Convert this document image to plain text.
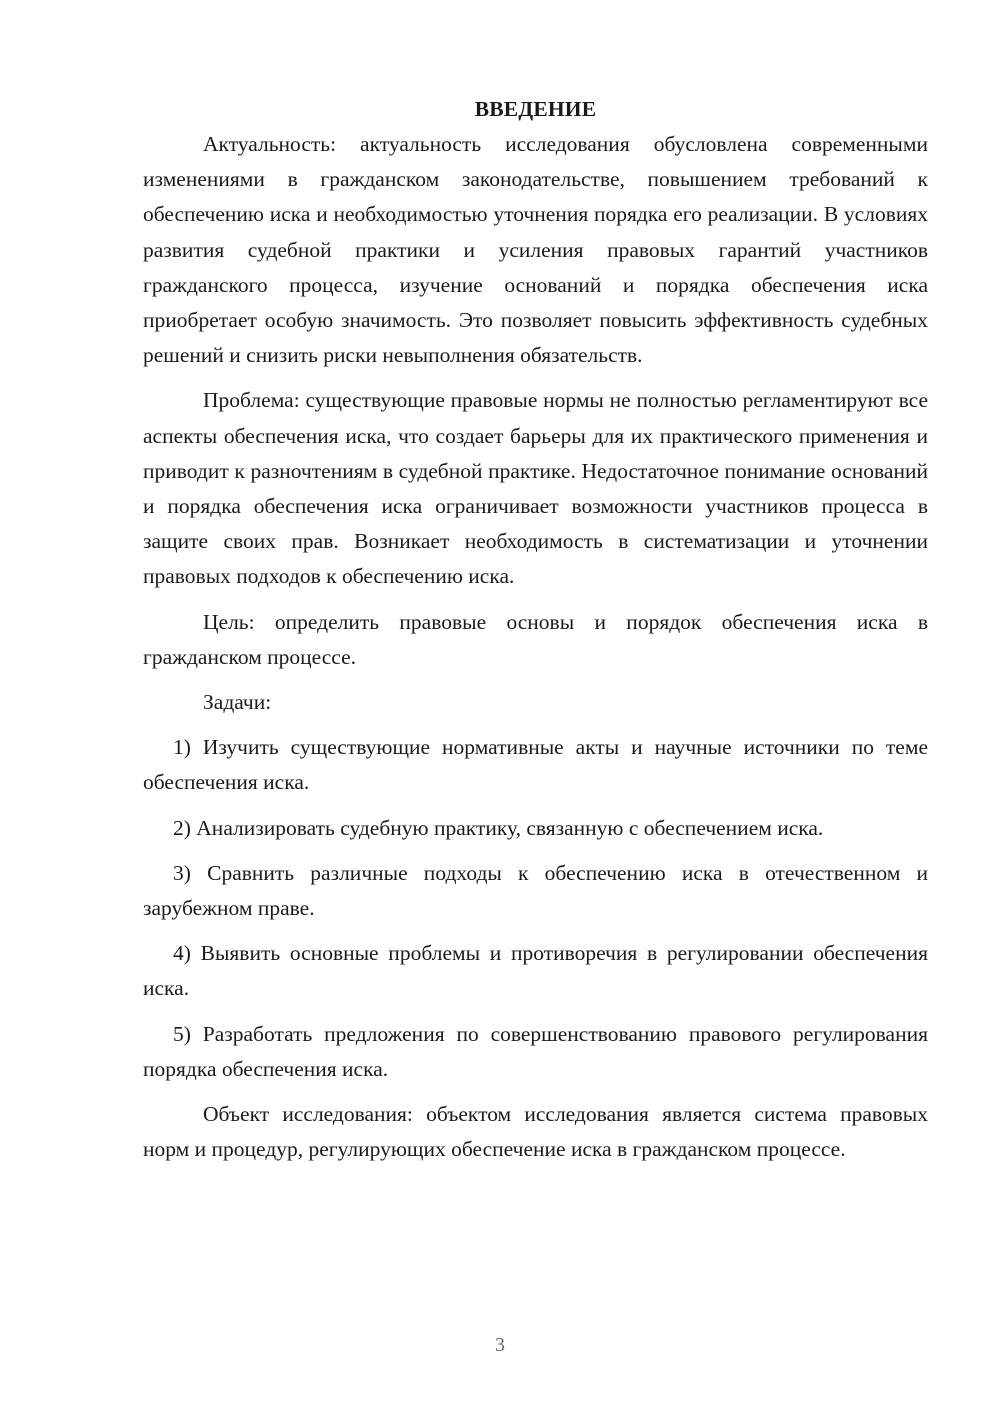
ВВЕДЕНИЕ

Актуальность: актуальность исследования обусловлена современными изменениями в гражданском законодательстве, повышением требований к обеспечению иска и необходимостью уточнения порядка его реализации. В условиях развития судебной практики и усиления правовых гарантий участников гражданского процесса, изучение оснований и порядка обеспечения иска приобретает особую значимость. Это позволяет повысить эффективность судебных решений и снизить риски невыполнения обязательств.

Проблема: существующие правовые нормы не полностью регламентируют все аспекты обеспечения иска, что создает барьеры для их практического применения и приводит к разночтениям в судебной практике. Недостаточное понимание оснований и порядка обеспечения иска ограничивает возможности участников процесса в защите своих прав. Возникает необходимость в систематизации и уточнении правовых подходов к обеспечению иска.

Цель: определить правовые основы и порядок обеспечения иска в гражданском процессе.

Задачи:

1) Изучить существующие нормативные акты и научные источники по теме обеспечения иска.

2) Анализировать судебную практику, связанную с обеспечением иска.

3) Сравнить различные подходы к обеспечению иска в отечественном и зарубежном праве.

4) Выявить основные проблемы и противоречия в регулировании обеспечения иска.

5) Разработать предложения по совершенствованию правового регулирования порядка обеспечения иска.

Объект исследования: объектом исследования является система правовых норм и процедур, регулирующих обеспечение иска в гражданском процессе.

3
